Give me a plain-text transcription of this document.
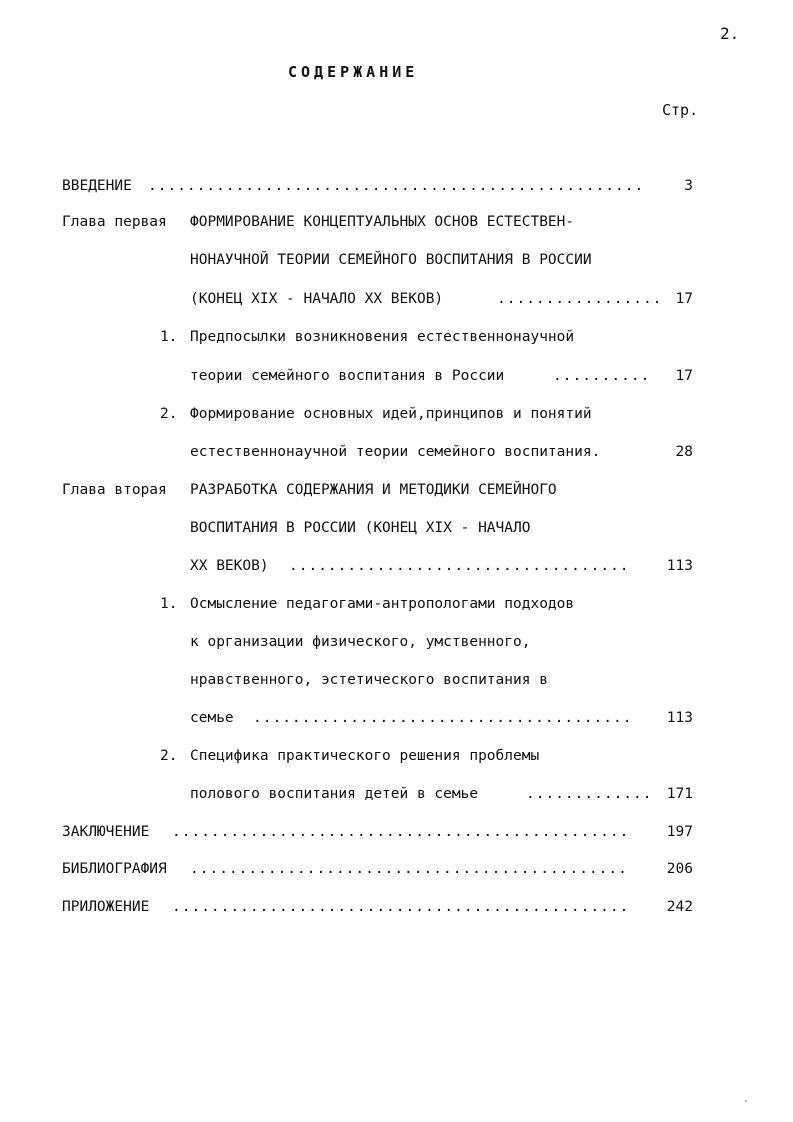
2.
СОДЕРЖАНИЕ
Стр.
ВВЕДЕНИЕ ...................................................	3
Глава первая ФОРМИРОВАНИЕ КОНЦЕПТУАЛЬНЫХ ОСНОВ ЕСТЕСТВЕН-
НОНАУЧНОЙ ТЕОРИИ СЕМЕЙНОГО ВОСПИТАНИЯ В РОССИИ
(КОНЕЦ XIX - НАЧАЛО XX ВЕКОВ)	................. 17
1. Предпосылки возникновения естественнонаучной
теории семейного воспитания в России	.......... 17
2. Формирование основных идей,принципов и понятий
естественнонаучной теории семейного воспитания.	28
Глава вторая РАЗРАБОТКА СОДЕРЖАНИЯ И МЕТОДИКИ СЕМЕЙНОГО
ВОСПИТАНИЯ В РОССИИ (КОНЕЦ XIX - НАЧАЛО
XX ВЕКОВ) ...................................	113
1. Осмысление педагогами-антропологами подходов
к организации физического, умственного,
нравственного, эстетического воспитания в
семье ....................................... 113
2. Специфика практического решения проблемы
полового воспитания детей в семье	............. 171
ЗАКЛЮЧЕНИЕ ...............................................	197
БИБЛИОГРАФИЯ .............................................	206
ПРИЛОЖЕНИЕ ...............................................	242
